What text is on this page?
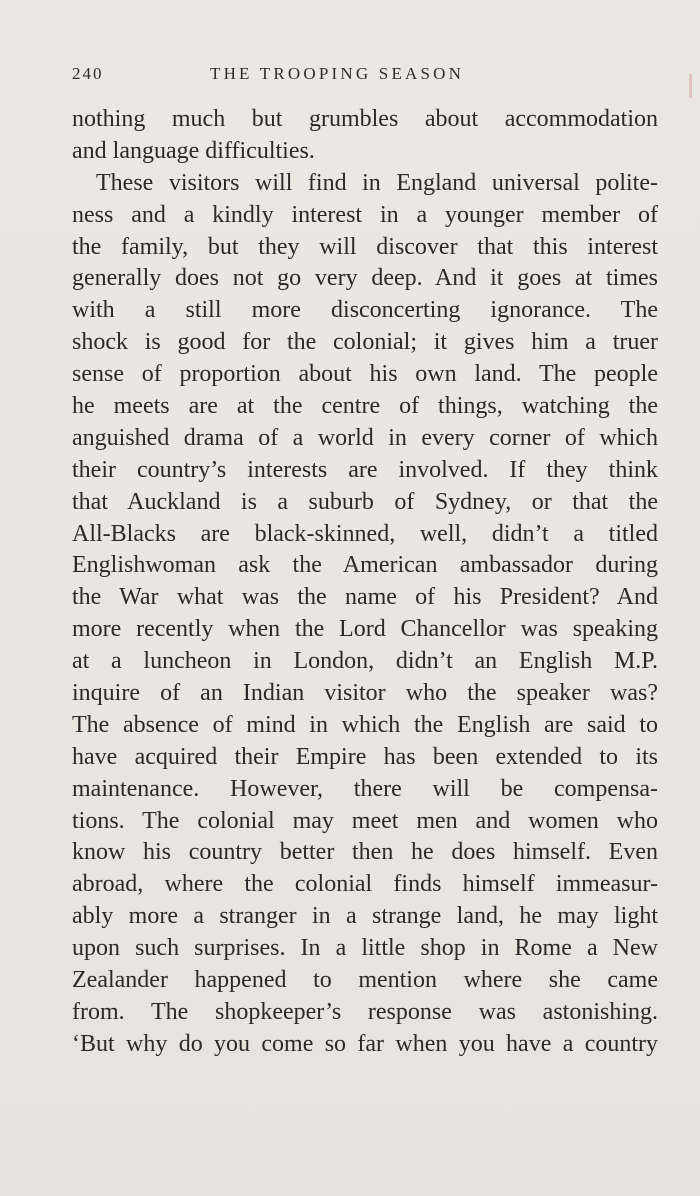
240	THE TROOPING SEASON
nothing much but grumbles about accommodation
and language difficulties.
These visitors will find in England universal polite-
ness and a kindly interest in a younger member of
the family, but they will discover that this interest
generally does not go very deep. And it goes at times
with a still more disconcerting ignorance. The
shock is good for the colonial; it gives him a truer
sense of proportion about his own land. The people
he meets are at the centre of things, watching the
anguished drama of a world in every corner of which
their country’s interests are involved. If they think
that Auckland is a suburb of Sydney, or that the
All-Blacks are black-skinned, well, didn’t a titled
Englishwoman ask the American ambassador during
the War what was the name of his President? And
more recently when the Lord Chancellor was speaking
at a luncheon in London, didn’t an English M.P.
inquire of an Indian visitor who the speaker was?
The absence of mind in which the English are said to
have acquired their Empire has been extended to its
maintenance. However, there will be compensa-
tions. The colonial may meet men and women who
know his country better then he does himself. Even
abroad, where the colonial finds himself immeasur-
ably more a stranger in a strange land, he may light
upon such surprises. In a little shop in Rome a New
Zealander happened to mention where she came
from. The shopkeeper’s response was astonishing.
‘But why do you come so far when you have a country
